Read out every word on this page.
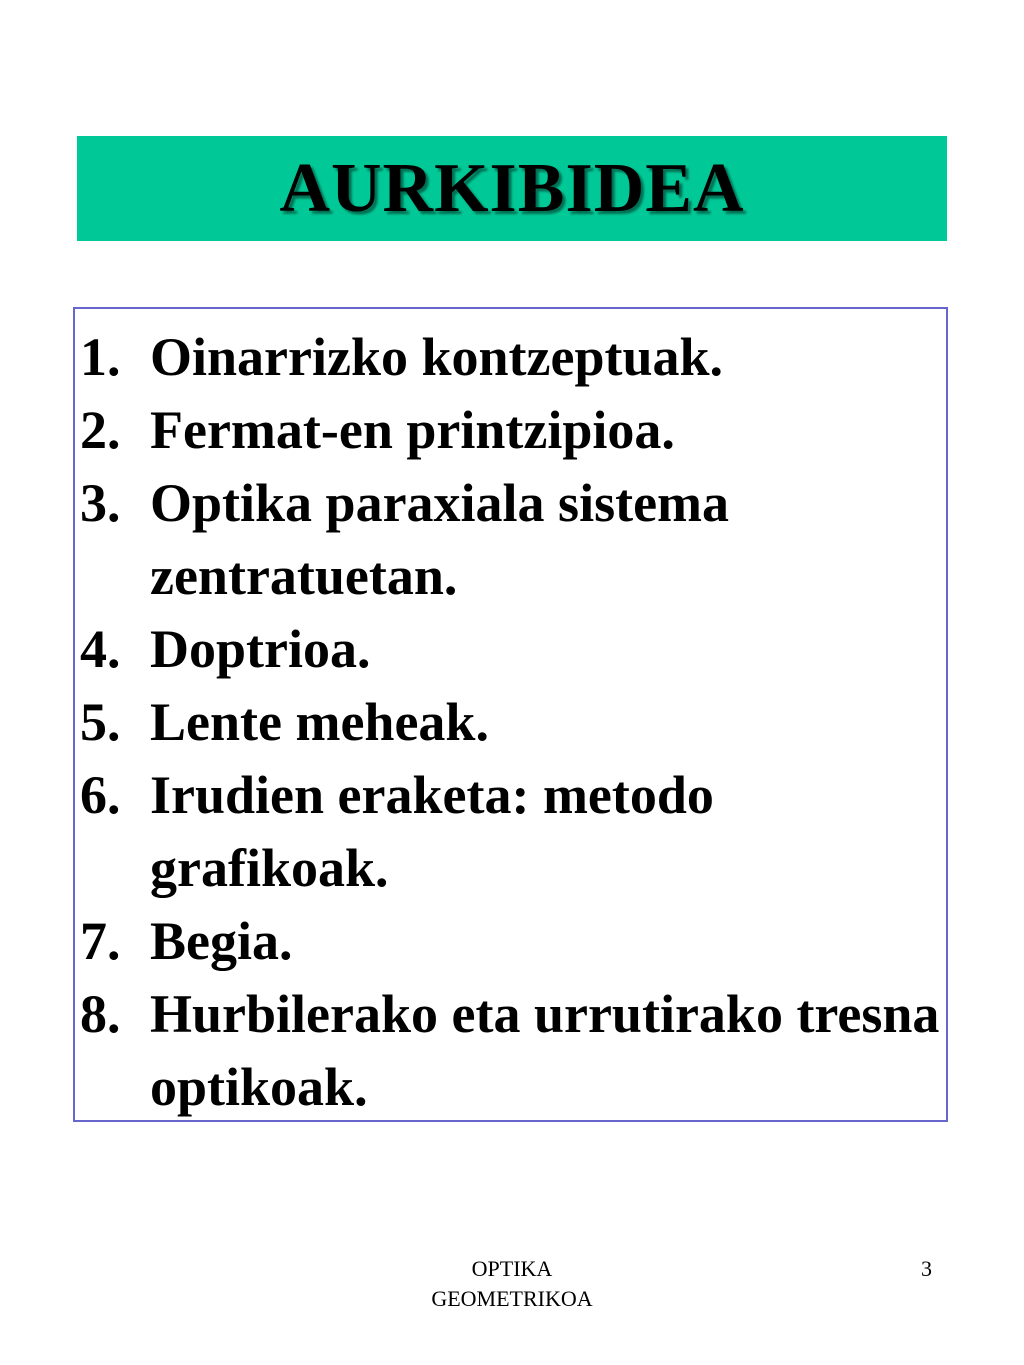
AURKIBIDEA
1. Oinarrizko kontzeptuak.
2. Fermat-en printzipioa.
3. Optika paraxiala sistema zentratuetan.
4. Doptrioa.
5. Lente meheak.
6. Irudien eraketa: metodo grafikoak.
7. Begia.
8. Hurbilerako eta urrutirako tresna optikoak.
OPTIKA
GEOMETRIKOA
3
